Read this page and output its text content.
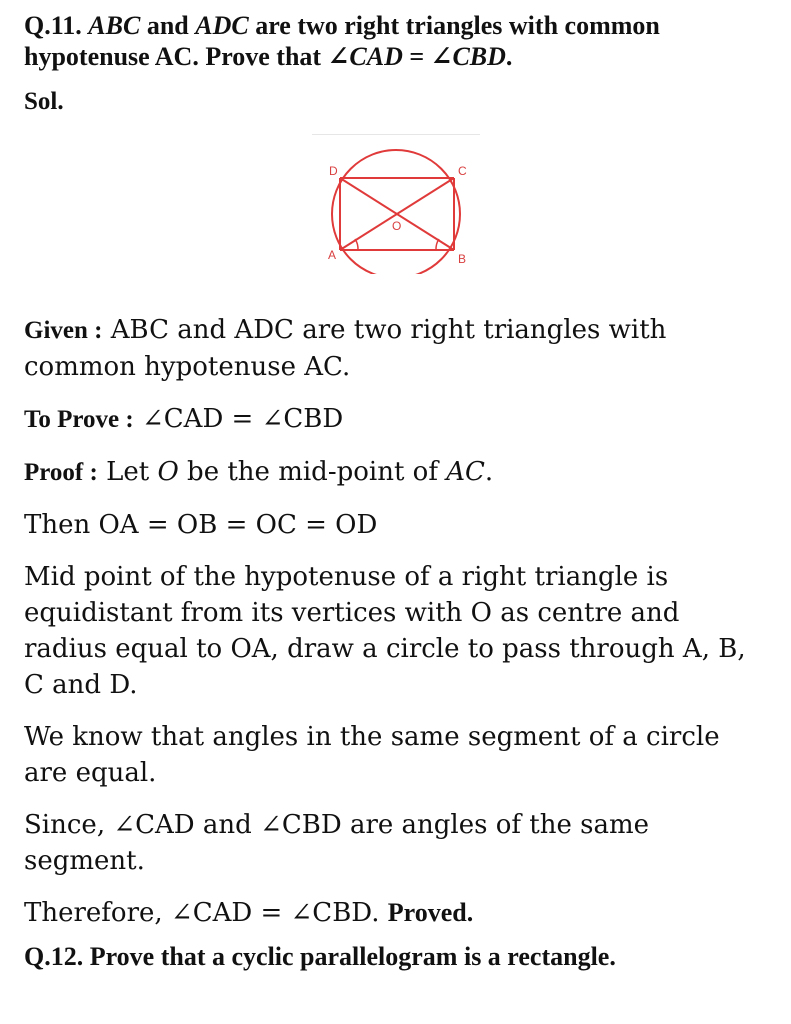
Q.11. ABC and ADC are two right triangles with common
hypotenuse AC. Prove that ∠CAD = ∠CBD.

Sol.
D	C
A	B
O

Given : ABC and ADC are two right triangles with common hypotenuse AC.

To Prove : ∠CAD = ∠CBD

Proof : Let O be the mid-point of AC.

Then OA = OB = OC = OD

Mid point of the hypotenuse of a right triangle is equidistant from its vertices with O as centre and radius equal to OA, draw a circle to pass through A, B, C and D.

We know that angles in the same segment of a circle are equal.

Since, ∠CAD and ∠CBD are angles of the same segment.

Therefore, ∠CAD = ∠CBD. Proved.

Q.12. Prove that a cyclic parallelogram is a rectangle.
